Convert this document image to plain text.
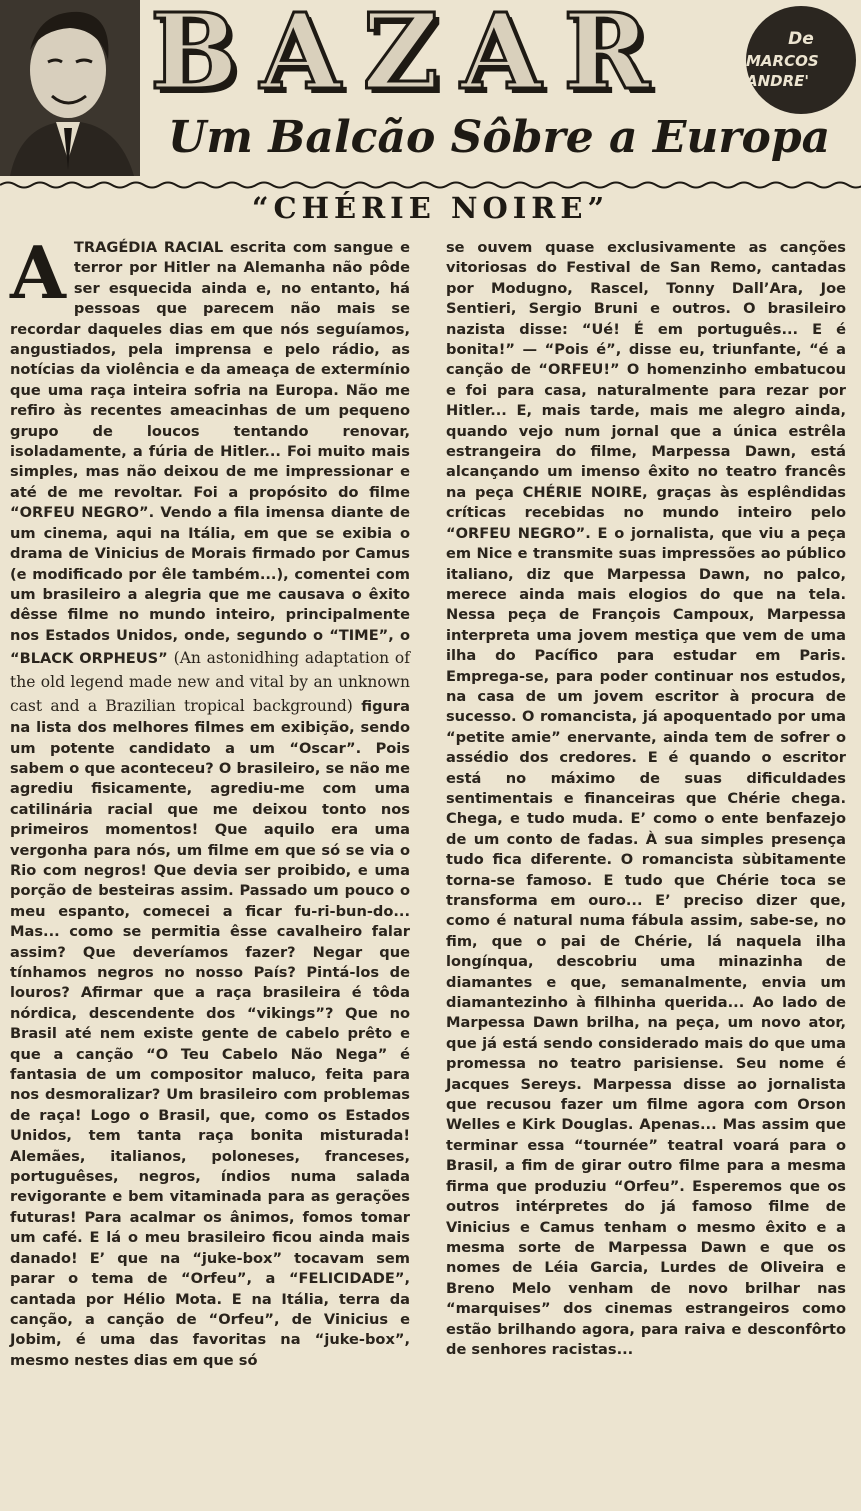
BAZAR	De
MARCOS ANDRE'
Um Balcão Sôbre a Europa
“CHÉRIE NOIRE”
A TRAGÉDIA RACIAL escrita com sangue e terror por Hitler na Alemanha não pôde ser esquecida ainda e, no entanto, há pessoas que parecem não mais se recordar daqueles dias em que nós seguíamos, angustiados, pela imprensa e pelo rádio, as notícias da violência e da ameaça de extermínio que uma raça inteira sofria na Europa. Não me refiro às recentes ameacinhas de um pequeno grupo de loucos tentando renovar, isoladamente, a fúria de Hitler... Foi muito mais simples, mas não deixou de me impressionar e até de me revoltar. Foi a propósito do filme “ORFEU NEGRO”. Vendo a fila imensa diante de um cinema, aqui na Itália, em que se exibia o drama de Vinicius de Morais firmado por Camus (e modificado por êle também...), comentei com um brasileiro a alegria que me causava o êxito dêsse filme no mundo inteiro, principalmente nos Estados Unidos, onde, segundo o “TIME”, o “BLACK ORPHEUS” (An astonidhing adaptation of the old legend made new and vital by an unknown cast and a Brazilian tropical background) figura na lista dos melhores filmes em exibição, sendo um potente candidato a um “Oscar”. Pois sabem o que aconteceu? O brasileiro, se não me agrediu fisicamente, agrediu-me com uma catilinária racial que me deixou tonto nos primeiros momentos! Que aquilo era uma vergonha para nós, um filme em que só se via o Rio com negros! Que devia ser proibido, e uma porção de besteiras assim. Passado um pouco o meu espanto, comecei a ficar fu-ri-bun-do... Mas... como se permitia êsse cavalheiro falar assim? Que deveríamos fazer? Negar que tínhamos negros no nosso País? Pintá-los de louros? Afirmar que a raça brasileira é tôda nórdica, descendente dos “vikings”? Que no Brasil até nem existe gente de cabelo prêto e que a canção “O Teu Cabelo Não Nega” é fantasia de um compositor maluco, feita para nos desmoralizar? Um brasileiro com problemas de raça! Logo o Brasil, que, como os Estados Unidos, tem tanta raça bonita misturada! Alemães, italianos, poloneses, franceses, portuguêses, negros, índios numa salada revigorante e bem vitaminada para as gerações futuras! Para acalmar os ânimos, fomos tomar um café. E lá o meu brasileiro ficou ainda mais danado! E’ que na “juke-box” tocavam sem parar o tema de “Orfeu”, a “FELICIDADE”, cantada por Hélio Mota. E na Itália, terra da canção, a canção de “Orfeu”, de Vinicius e Jobim, é uma das favoritas na “juke-box”, mesmo nestes dias em que só

se ouvem quase exclusivamente as canções vitoriosas do Festival de San Remo, cantadas por Modugno, Rascel, Tonny Dall’Ara, Joe Sentieri, Sergio Bruni e outros. O brasileiro nazista disse: “Ué! É em português... E é bonita!” — “Pois é”, disse eu, triunfante, “é a canção de “ORFEU!” O homenzinho embatucou e foi para casa, naturalmente para rezar por Hitler... E, mais tarde, mais me alegro ainda, quando vejo num jornal que a única estrêla estrangeira do filme, Marpessa Dawn, está alcançando um imenso êxito no teatro francês na peça CHÉRIE NOIRE, graças às esplêndidas críticas recebidas no mundo inteiro pelo “ORFEU NEGRO”. E o jornalista, que viu a peça em Nice e transmite suas impressões ao público italiano, diz que Marpessa Dawn, no palco, merece ainda mais elogios do que na tela. Nessa peça de François Campoux, Marpessa interpreta uma jovem mestiça que vem de uma ilha do Pacífico para estudar em Paris. Emprega-se, para poder continuar nos estudos, na casa de um jovem escritor à procura de sucesso. O romancista, já apoquentado por uma “petite amie” enervante, ainda tem de sofrer o assédio dos credores. E é quando o escritor está no máximo de suas dificuldades sentimentais e financeiras que Chérie chega. Chega, e tudo muda. E’ como o ente benfazejo de um conto de fadas. À sua simples presença tudo fica diferente. O romancista sùbitamente torna-se famoso. E tudo que Chérie toca se transforma em ouro... E’ preciso dizer que, como é natural numa fábula assim, sabe-se, no fim, que o pai de Chérie, lá naquela ilha longínqua, descobriu uma minazinha de diamantes e que, semanalmente, envia um diamantezinho à filhinha querida... Ao lado de Marpessa Dawn brilha, na peça, um novo ator, que já está sendo considerado mais do que uma promessa no teatro parisiense. Seu nome é Jacques Sereys. Marpessa disse ao jornalista que recusou fazer um filme agora com Orson Welles e Kirk Douglas. Apenas... Mas assim que terminar essa “tournée” teatral voará para o Brasil, a fim de girar outro filme para a mesma firma que produziu “Orfeu”. Esperemos que os outros intérpretes do já famoso filme de Vinicius e Camus tenham o mesmo êxito e a mesma sorte de Marpessa Dawn e que os nomes de Léia Garcia, Lurdes de Oliveira e Breno Melo venham de novo brilhar nas “marquises” dos cinemas estrangeiros como estão brilhando agora, para raiva e desconfôrto de senhores racistas...
